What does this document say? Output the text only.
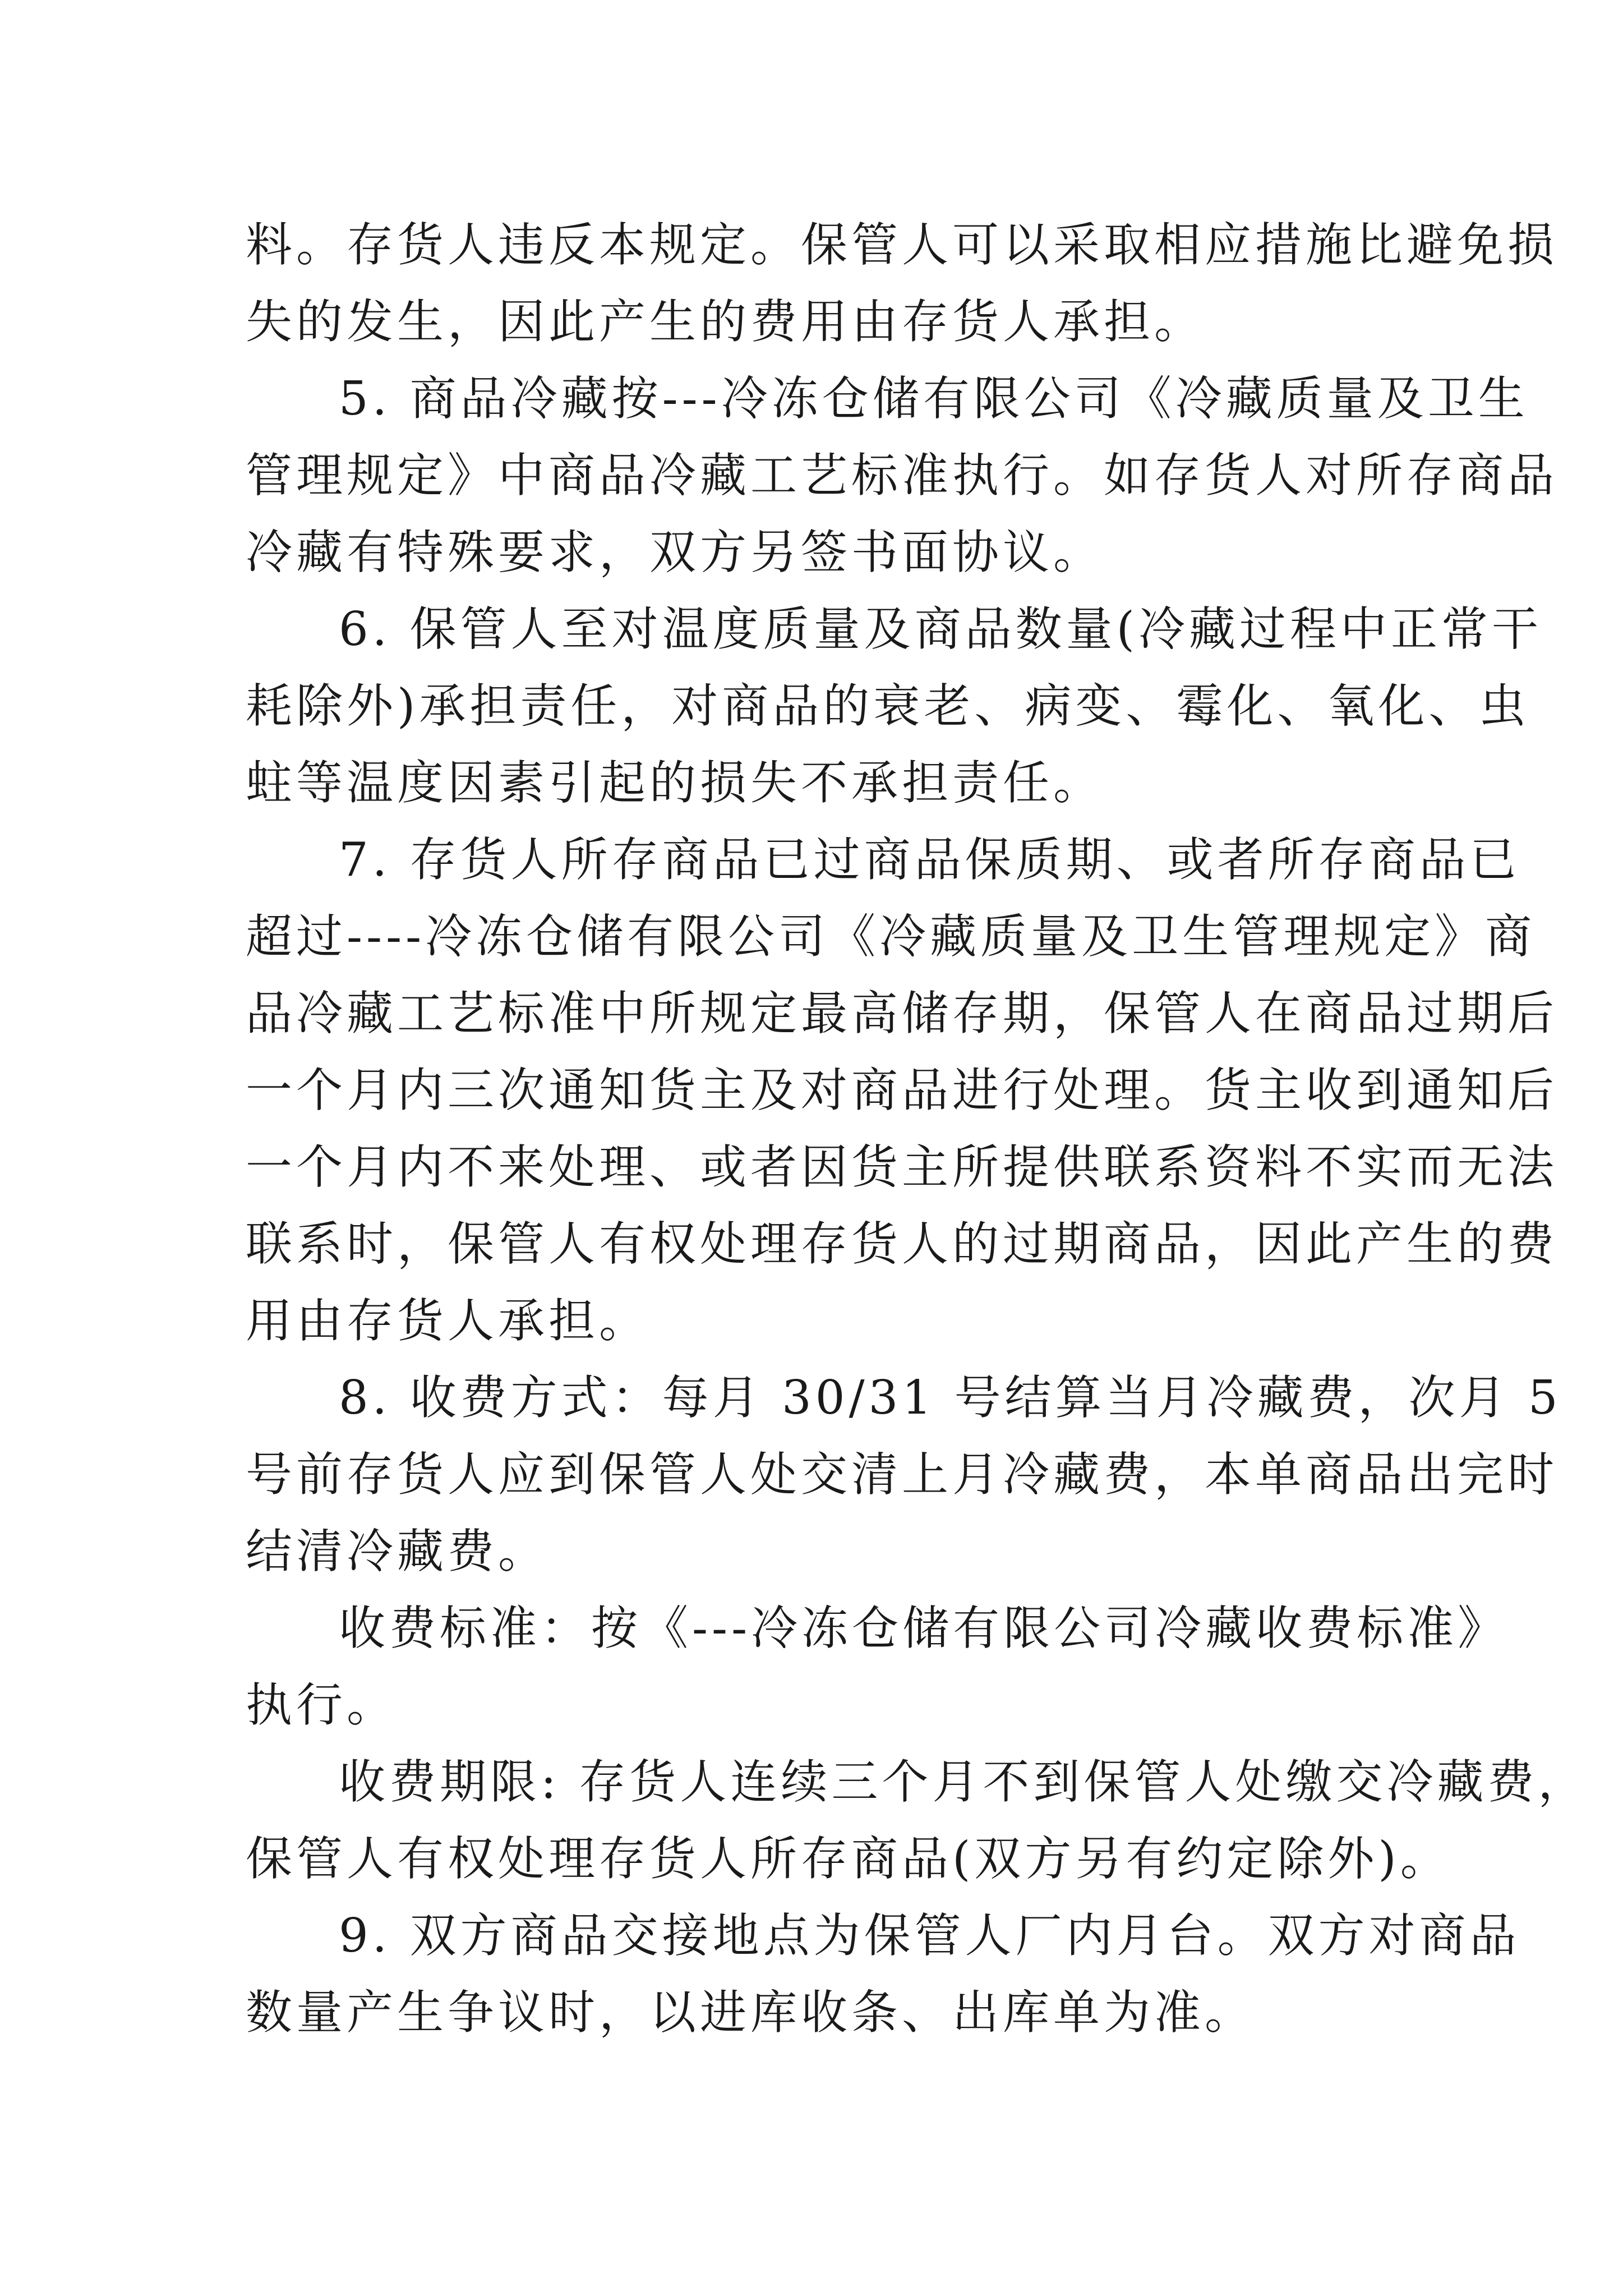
料。存货人违反本规定。保管人可以采取相应措施比避免损

失的发生，因此产生的费用由存货人承担。

5. 商品冷藏按---冷冻仓储有限公司《冷藏质量及卫生

管理规定》中商品冷藏工艺标准执行。如存货人对所存商品

冷藏有特殊要求，双方另签书面协议。

6. 保管人至对温度质量及商品数量(冷藏过程中正常干

耗除外)承担责任，对商品的衰老、病变、霉化、氧化、虫

蛀等温度因素引起的损失不承担责任。

7. 存货人所存商品已过商品保质期、或者所存商品已

超过----冷冻仓储有限公司《冷藏质量及卫生管理规定》商

品冷藏工艺标准中所规定最高储存期，保管人在商品过期后

一个月内三次通知货主及对商品进行处理。货主收到通知后

一个月内不来处理、或者因货主所提供联系资料不实而无法

联系时，保管人有权处理存货人的过期商品，因此产生的费

用由存货人承担。

8. 收费方式：每月 30/31 号结算当月冷藏费，次月 5

号前存货人应到保管人处交清上月冷藏费，本单商品出完时

结清冷藏费。

收费标准：按《---冷冻仓储有限公司冷藏收费标准》

执行。

收费期限: 存货人连续三个月不到保管人处缴交冷藏费，

保管人有权处理存货人所存商品(双方另有约定除外)。

9. 双方商品交接地点为保管人厂内月台。双方对商品

数量产生争议时，以进库收条、出库单为准。
